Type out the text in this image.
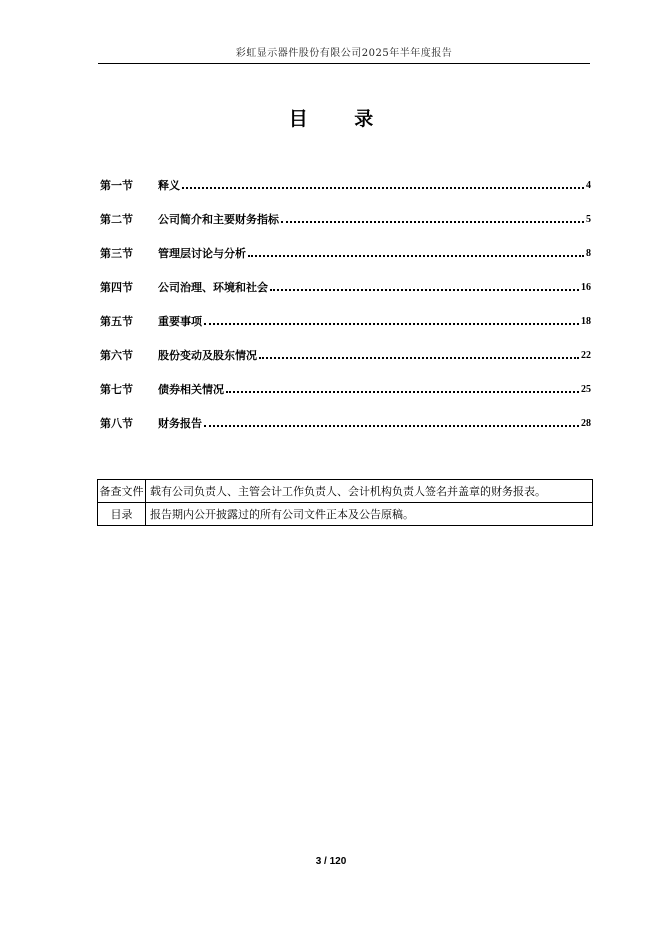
彩虹显示器件股份有限公司2025年半年度报告
目 录
第一节	释义	4
第二节	公司简介和主要财务指标	5
第三节	管理层讨论与分析	8
第四节	公司治理、环境和社会	16
第五节	重要事项	18
第六节	股份变动及股东情况	22
第七节	债券相关情况	25
第八节	财务报告	28
备查文件	载有公司负责人、主管会计工作负责人、会计机构负责人签名并盖章的财务报表。
目录	报告期内公开披露过的所有公司文件正本及公告原稿。
3 / 120
